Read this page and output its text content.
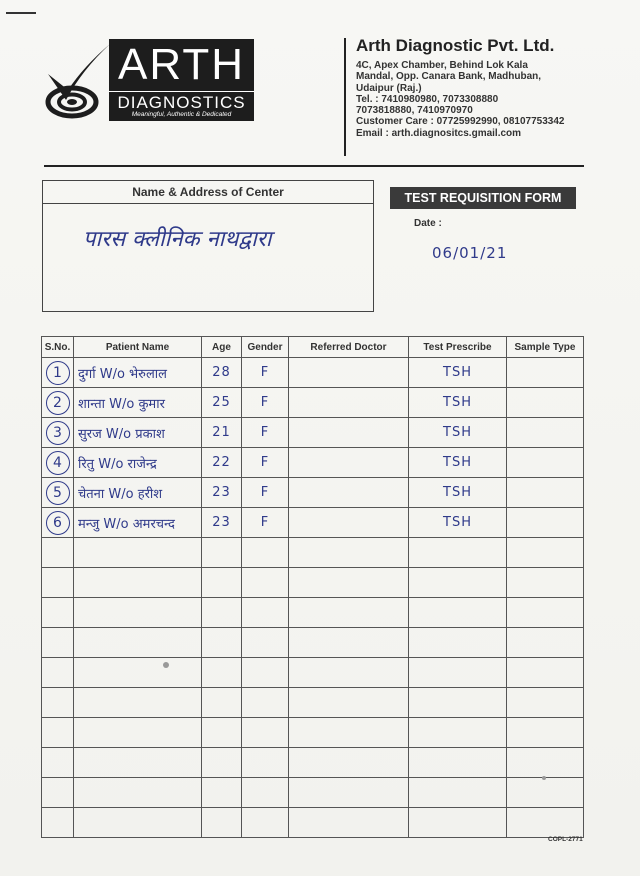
ARTH
DIAGNOSTICS
Meaningful, Authentic & Dedicated
Arth Diagnostic Pvt. Ltd.
4C, Apex Chamber, Behind Lok Kala
Mandal, Opp. Canara Bank, Madhuban,
Udaipur (Raj.)
Tel. : 7410980980, 7073308880
7073818880, 7410970970
Customer Care : 07725992990, 08107753342
Email : arth.diagnositcs.gmail.com
Name & Address of Center
पारस क्लीनिक नाथद्वारा
TEST REQUISITION FORM
Date :
06/01/21
S.No.	Patient Name	Age	Gender	Referred Doctor	Test Prescribe	Sample Type
1	दुर्गा W/o भेरुलाल	28	F		TSH	
2	शान्ता W/o कुमार	25	F		TSH	
3	सुरज W/o प्रकाश	21	F		TSH	
4	रितु W/o राजेन्द्र	22	F		TSH	
5	चेतना W/o हरीश	23	F		TSH	
6	मन्जु W/o अमरचन्द	23	F		TSH	

COPL-2771
